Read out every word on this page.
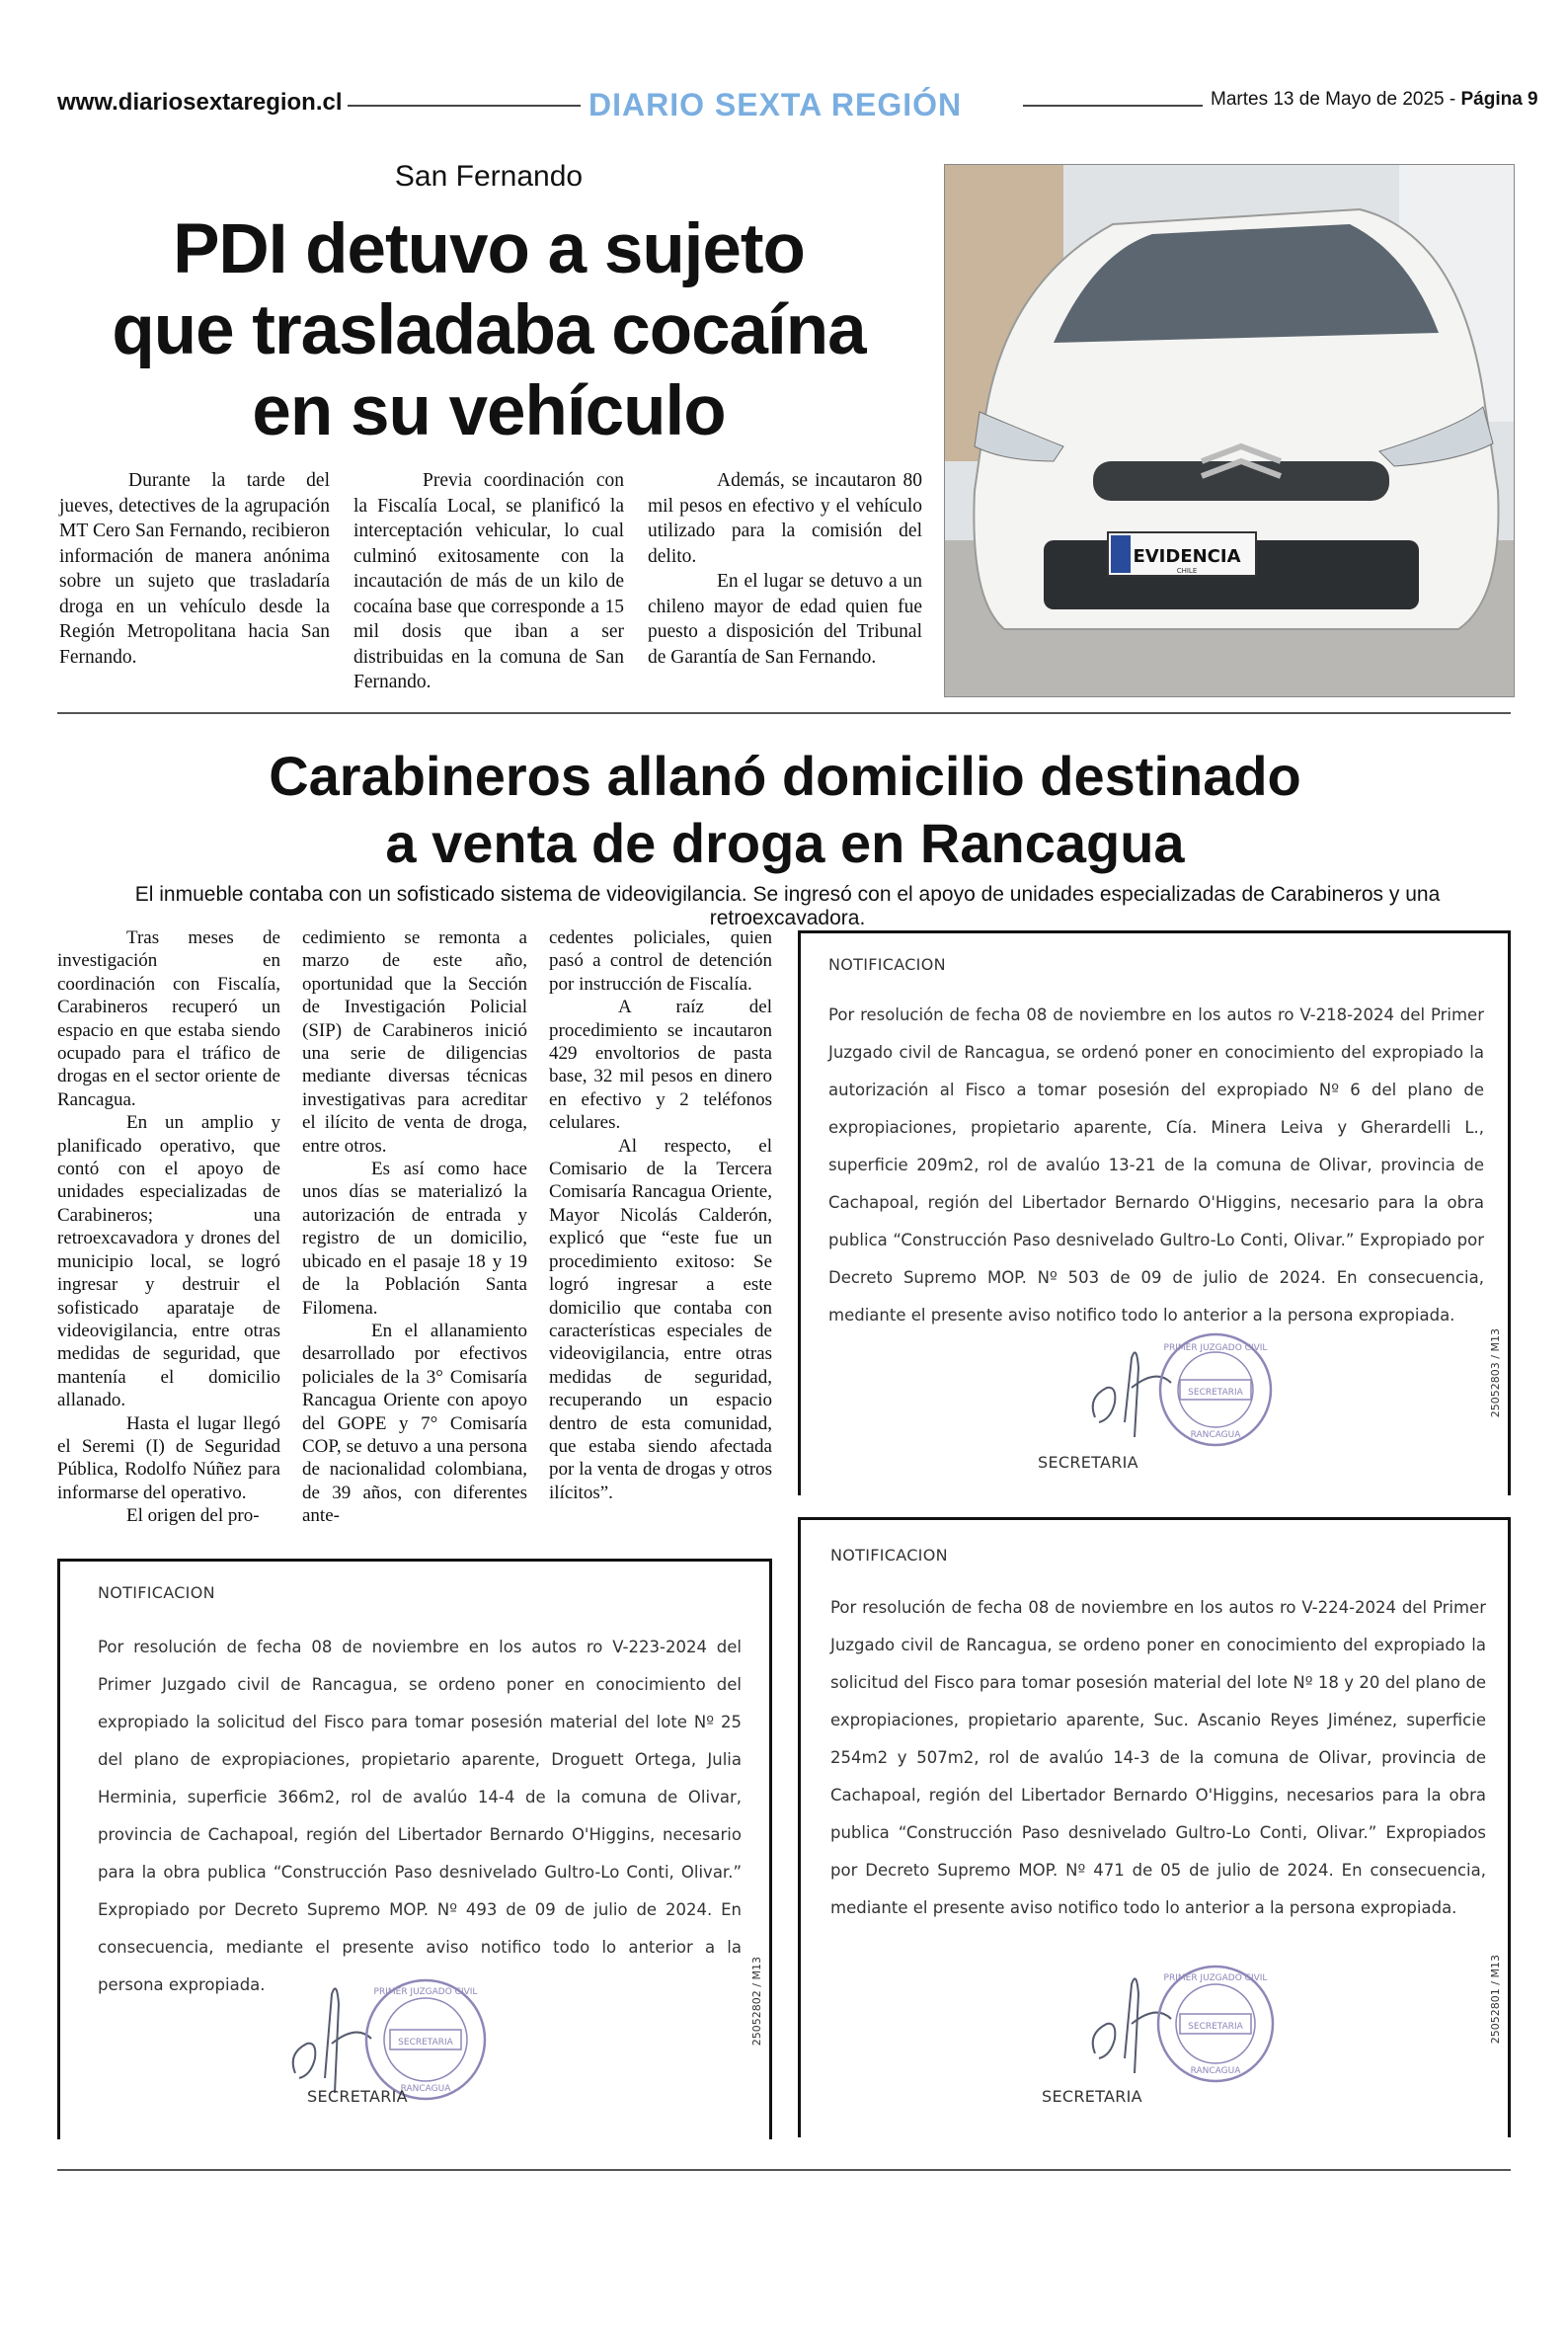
www.diariosextaregion.cl	DIARIO SEXTA REGIÓN	Martes 13 de Mayo de 2025 - Página 9
San Fernando
PDI detuvo a sujeto
que trasladaba cocaína
en su vehículo

Durante la tarde del jueves, detectives de la agrupación MT Cero San Fernando, recibieron información de manera anónima sobre un sujeto que trasladaría droga en un vehículo desde la Región Metropolitana hacia San Fernando.

Previa coordinación con la Fiscalía Local, se planificó la interceptación vehicular, lo cual culminó exitosamente con la incautación de más de un kilo de cocaína base que corresponde a 15 mil dosis que iban a ser distribuidas en la comuna de San Fernando.

Además, se incautaron 80 mil pesos en efectivo y el vehículo utilizado para la comisión del delito.

En el lugar se detuvo a un chileno mayor de edad quien fue puesto a disposición del Tribunal de Garantía de San Fernando.

EVIDENCIA
CHILE
Carabineros allanó domicilio destinado
a venta de droga en Rancagua
El inmueble contaba con un sofisticado sistema de videovigilancia. Se ingresó con el apoyo de unidades especializadas de Carabineros y una retroexcavadora.

Tras meses de investigación en coordinación con Fiscalía, Carabineros recuperó un espacio en que estaba siendo ocupado para el tráfico de drogas en el sector oriente de Rancagua.

En un amplio y planificado operativo, que contó con el apoyo de unidades especializadas de Carabineros; una retroexcavadora y drones del municipio local, se logró ingresar y destruir el sofisticado aparataje de videovigilancia, entre otras medidas de seguridad, que mantenía el domicilio allanado.

Hasta el lugar llegó el Seremi (I) de Seguridad Pública, Rodolfo Núñez para informarse del operativo.

El origen del pro-

cedimiento se remonta a marzo de este año, oportunidad que la Sección de Investigación Policial (SIP) de Carabineros inició una serie de diligencias mediante diversas técnicas investigativas para acreditar el ilícito de venta de droga, entre otros.

Es así como hace unos días se materializó la autorización de entrada y registro de un domicilio, ubicado en el pasaje 18 y 19 de la Población Santa Filomena.

En el allanamiento desarrollado por efectivos policiales de la 3° Comisaría Rancagua Oriente con apoyo del GOPE y 7° Comisaría COP, se detuvo a una persona de nacionalidad colombiana, de 39 años, con diferentes ante-

cedentes policiales, quien pasó a control de detención por instrucción de Fiscalía.

A raíz del procedimiento se incautaron 429 envoltorios de pasta base, 32 mil pesos en dinero en efectivo y 2 teléfonos celulares.

Al respecto, el Comisario de la Tercera Comisaría Rancagua Oriente, Mayor Nicolás Calderón, explicó que “este fue un procedimiento exitoso: Se logró ingresar a este domicilio que contaba con características especiales de videovigilancia, entre otras medidas de seguridad, recuperando un espacio dentro de esta comunidad, que estaba siendo afectada por la venta de drogas y otros ilícitos”.

NOTIFICACION
Por resolución de fecha 08 de noviembre en los autos ro V-218-2024 del Primer Juzgado civil de Rancagua, se ordenó poner en conocimiento del expropiado la autorización al Fisco a tomar posesión del expropiado Nº 6 del plano de expropiaciones, propietario aparente, Cía. Minera Leiva y Gherardelli L., superficie 209m2, rol de avalúo 13-21 de la comuna de Olivar, provincia de Cachapoal, región del Libertador Bernardo O'Higgins, necesario para la obra publica “Construcción Paso desnivelado Gultro-Lo Conti, Olivar.” Expropiado por Decreto Supremo MOP. Nº 503 de 09 de julio de 2024. En consecuencia, mediante el presente aviso notifico todo lo anterior a la persona expropiada.
25052803 / M13
SECRETARIA
PRIMER JUZGADO CIVIL
RANCAGUA
SECRETARIA
NOTIFICACION
Por resolución de fecha 08 de noviembre en los autos ro V-224-2024 del Primer Juzgado civil de Rancagua, se ordeno poner en conocimiento del expropiado la solicitud del Fisco para tomar posesión material del lote Nº 18 y 20 del plano de expropiaciones, propietario aparente, Suc. Ascanio Reyes Jiménez, superficie 254m2 y 507m2, rol de avalúo 14-3 de la comuna de Olivar, provincia de Cachapoal, región del Libertador Bernardo O'Higgins, necesarios para la obra publica “Construcción Paso desnivelado Gultro-Lo Conti, Olivar.” Expropiados por Decreto Supremo MOP. Nº 471 de 05 de julio de 2024. En consecuencia, mediante el presente aviso notifico todo lo anterior a la persona expropiada.
25052801 / M13
SECRETARIA
PRIMER JUZGADO CIVIL
RANCAGUA
SECRETARIA
NOTIFICACION
Por resolución de fecha 08 de noviembre en los autos ro V-223-2024 del Primer Juzgado civil de Rancagua, se ordeno poner en conocimiento del expropiado la solicitud del Fisco para tomar posesión material del lote Nº 25 del plano de expropiaciones, propietario aparente, Droguett Ortega, Julia Herminia, superficie 366m2, rol de avalúo 14-4 de la comuna de Olivar, provincia de Cachapoal, región del Libertador Bernardo O'Higgins, necesario para la obra publica “Construcción Paso desnivelado Gultro-Lo Conti, Olivar.” Expropiado por Decreto Supremo MOP. Nº 493 de 09 de julio de 2024. En consecuencia, mediante el presente aviso notifico todo lo anterior a la persona expropiada.	25052802 / M13
SECRETARIA
PRIMER JUZGADO CIVIL
RANCAGUA
SECRETARIA
